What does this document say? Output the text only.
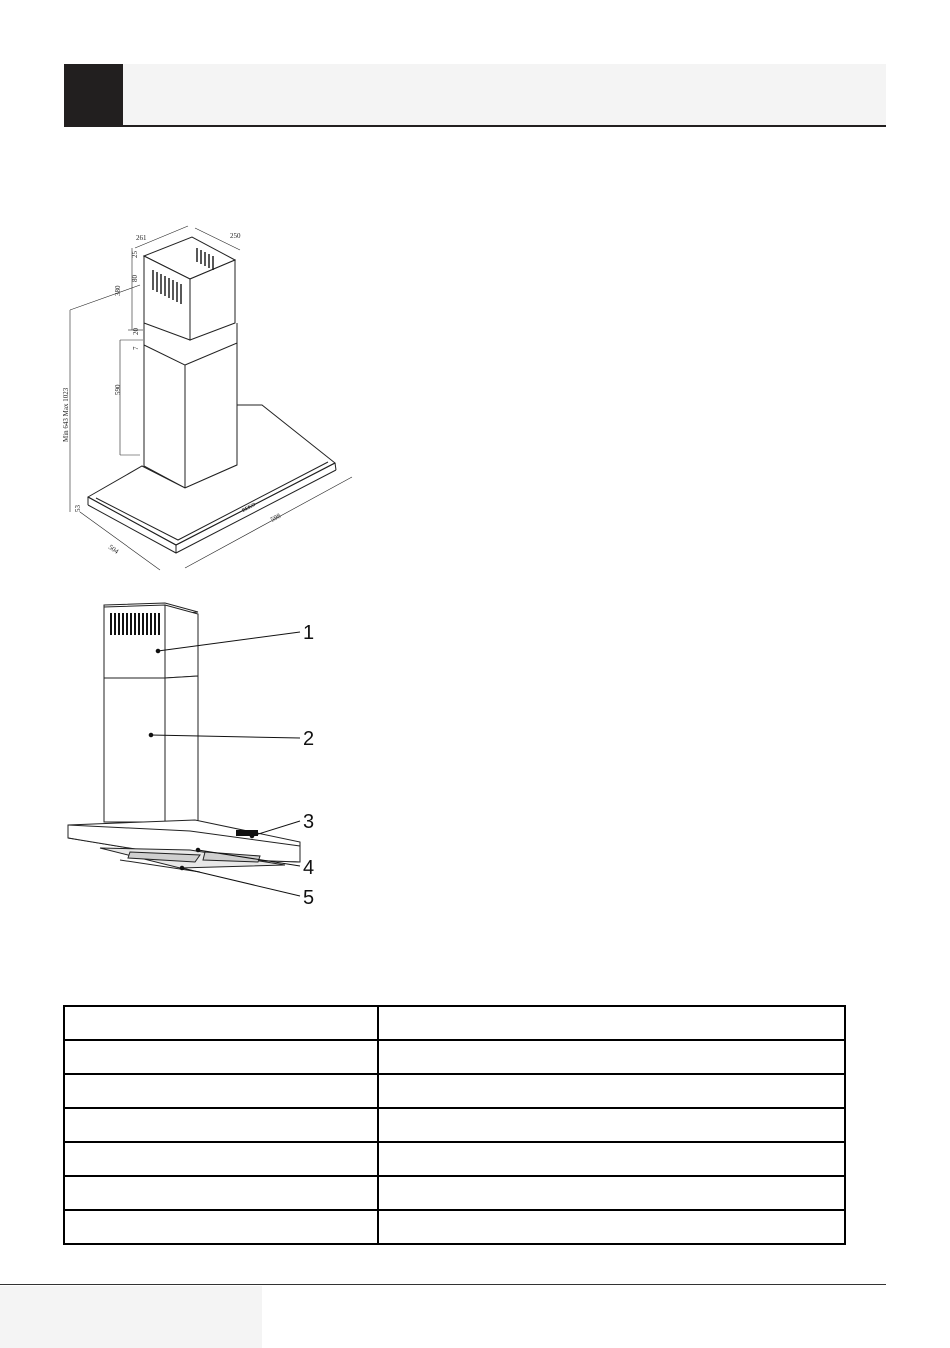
261	250
25
80
380
20
7
590
Min 643 Max 1023
53
504
598
BEKO
1
2
3
4
5
